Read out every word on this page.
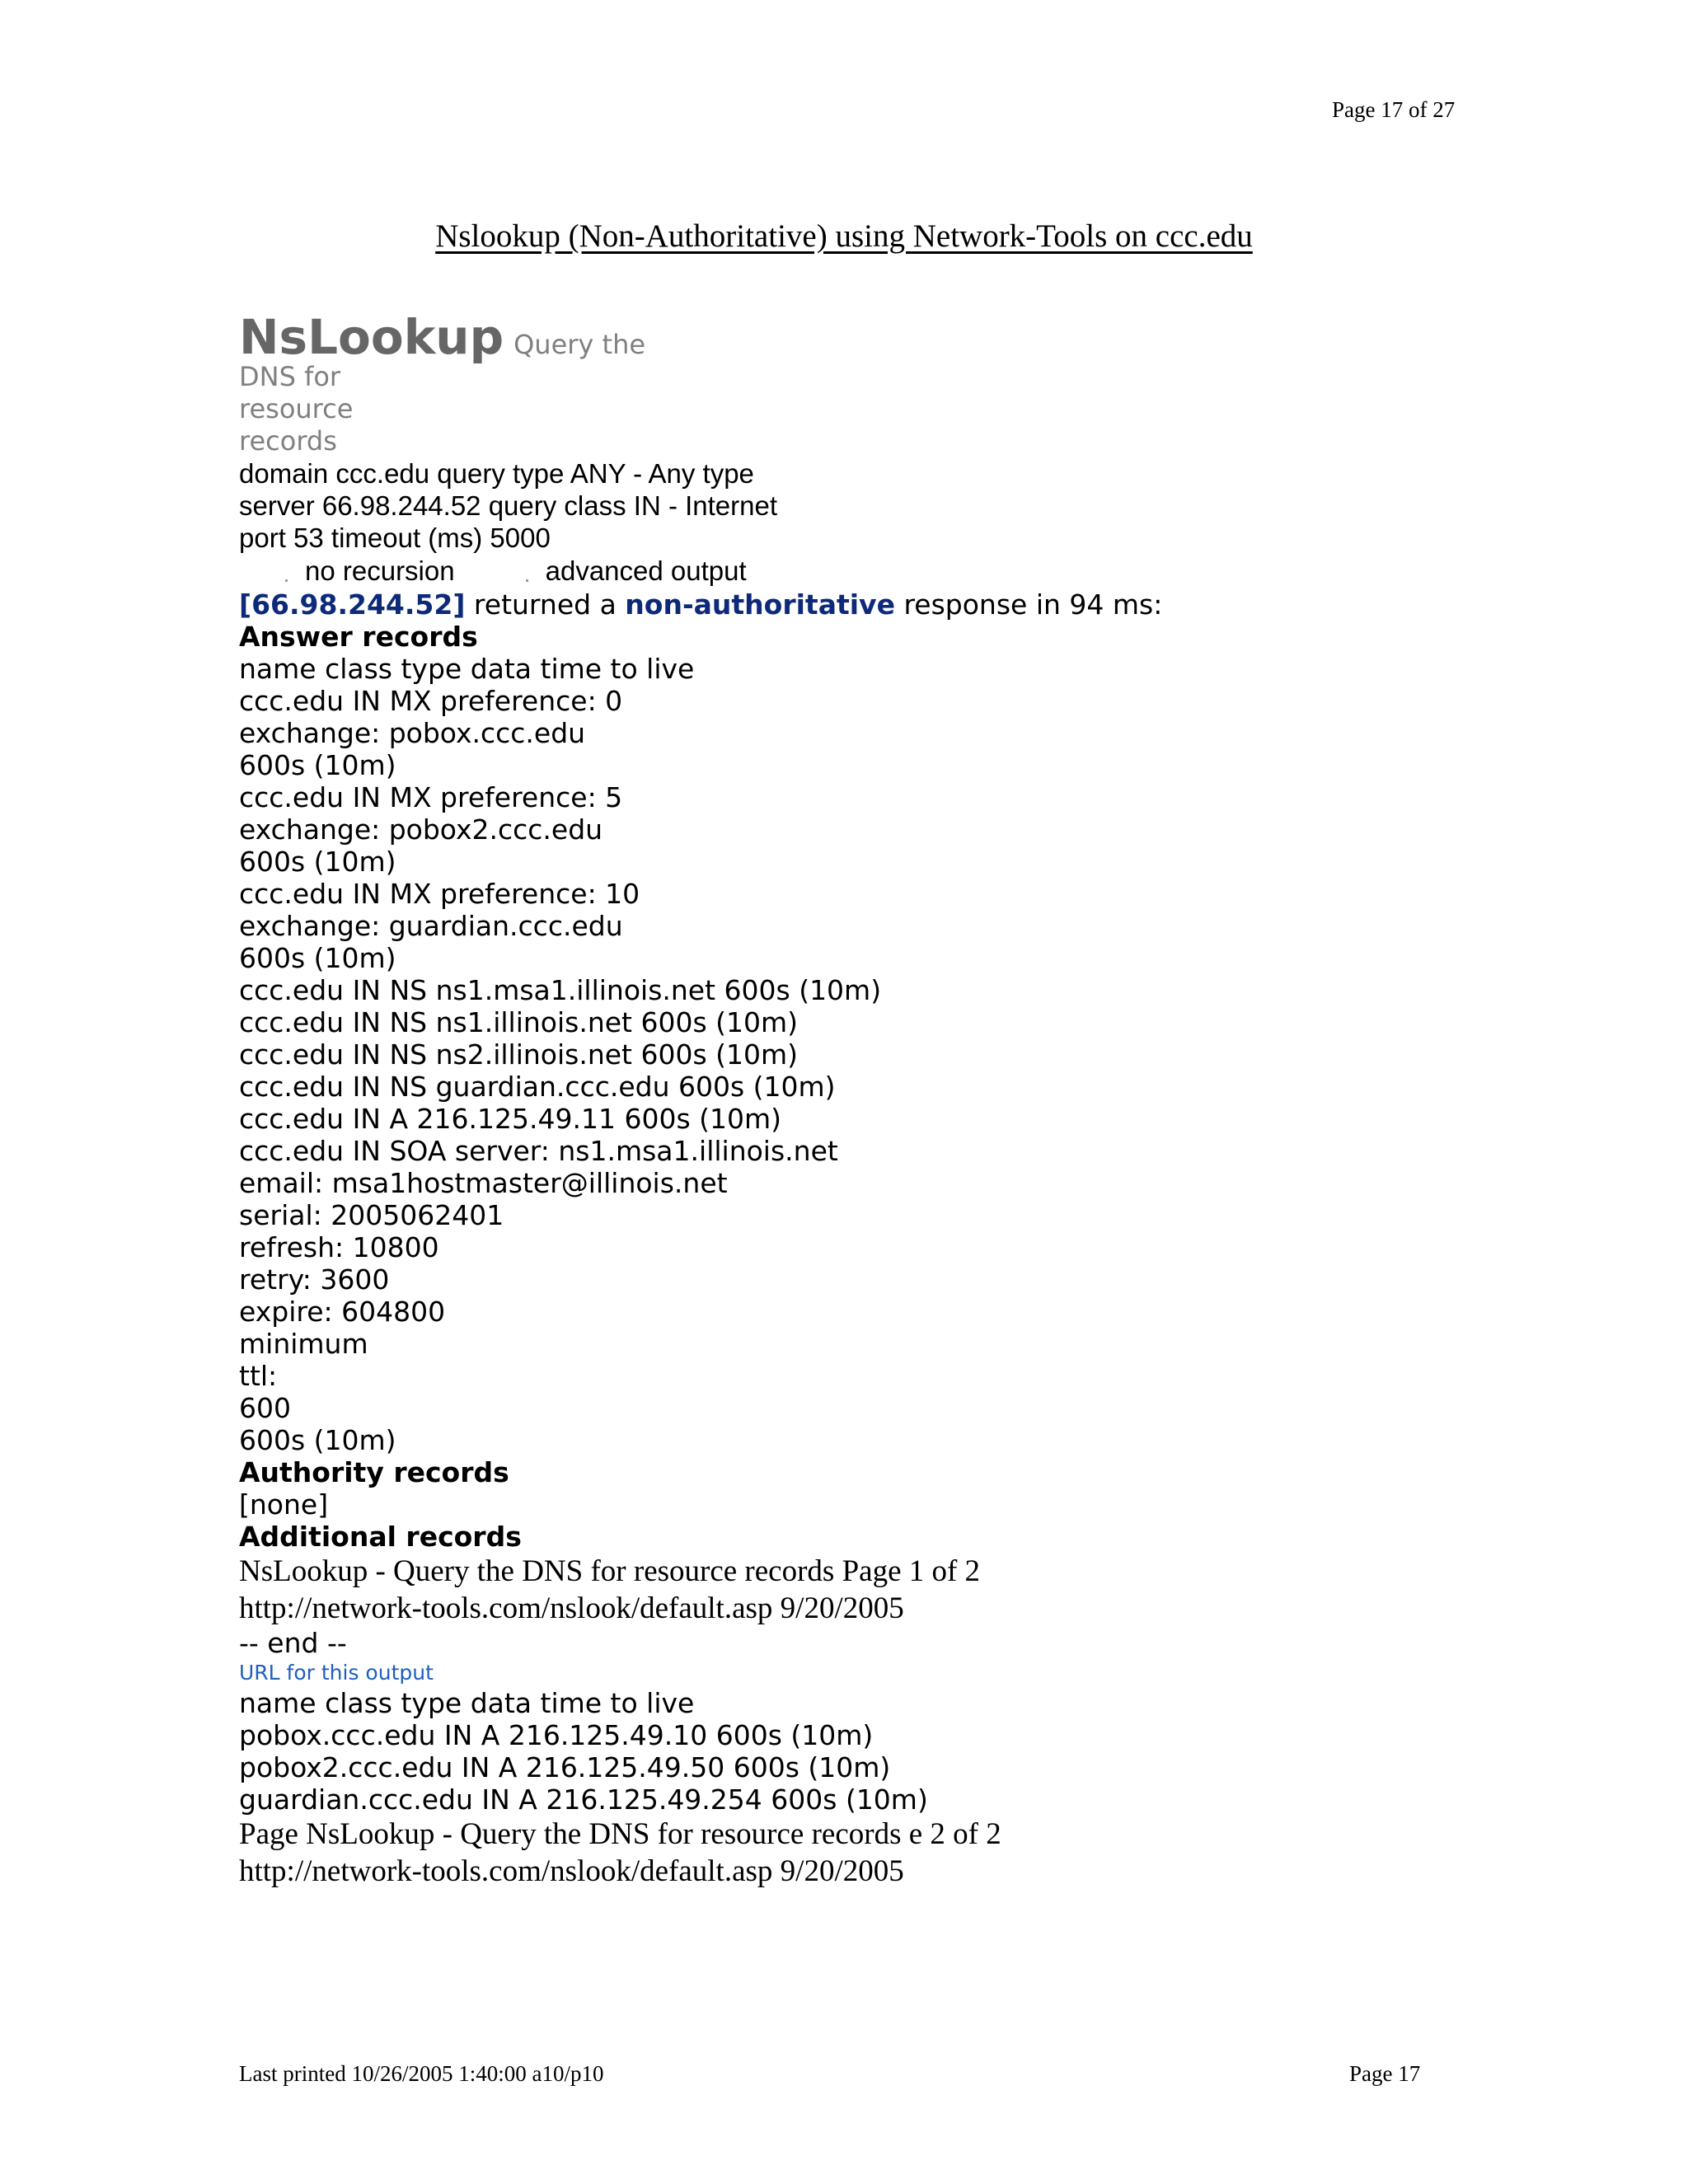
Page 17 of 27
Nslookup (Non-Authoritative) using Network-Tools on ccc.edu
NsLookup Query the
DNS for
resource
records
domain ccc.edu query type ANY - Any type
server 66.98.244.52 query class IN - Internet
port 53 timeout (ms) 5000
no recursion	advanced output
[66.98.244.52] returned a non-authoritative response in 94 ms:
Answer records
name class type data time to live
ccc.edu IN MX preference: 0
exchange: pobox.ccc.edu
600s (10m)
ccc.edu IN MX preference: 5
exchange: pobox2.ccc.edu
600s (10m)
ccc.edu IN MX preference: 10
exchange: guardian.ccc.edu
600s (10m)
ccc.edu IN NS ns1.msa1.illinois.net 600s (10m)
ccc.edu IN NS ns1.illinois.net 600s (10m)
ccc.edu IN NS ns2.illinois.net 600s (10m)
ccc.edu IN NS guardian.ccc.edu 600s (10m)
ccc.edu IN A 216.125.49.11 600s (10m)
ccc.edu IN SOA server: ns1.msa1.illinois.net
email: msa1hostmaster@illinois.net
serial: 2005062401
refresh: 10800
retry: 3600
expire: 604800
minimum
ttl:
600
600s (10m)
Authority records
[none]
Additional records
NsLookup - Query the DNS for resource records Page 1 of 2
http://network-tools.com/nslook/default.asp 9/20/2005
-- end --
URL for this output
name class type data time to live
pobox.ccc.edu IN A 216.125.49.10 600s (10m)
pobox2.ccc.edu IN A 216.125.49.50 600s (10m)
guardian.ccc.edu IN A 216.125.49.254 600s (10m)
Page NsLookup - Query the DNS for resource records e 2 of 2
http://network-tools.com/nslook/default.asp 9/20/2005
Last printed 10/26/2005 1:40:00 a10/p10	Page 17
